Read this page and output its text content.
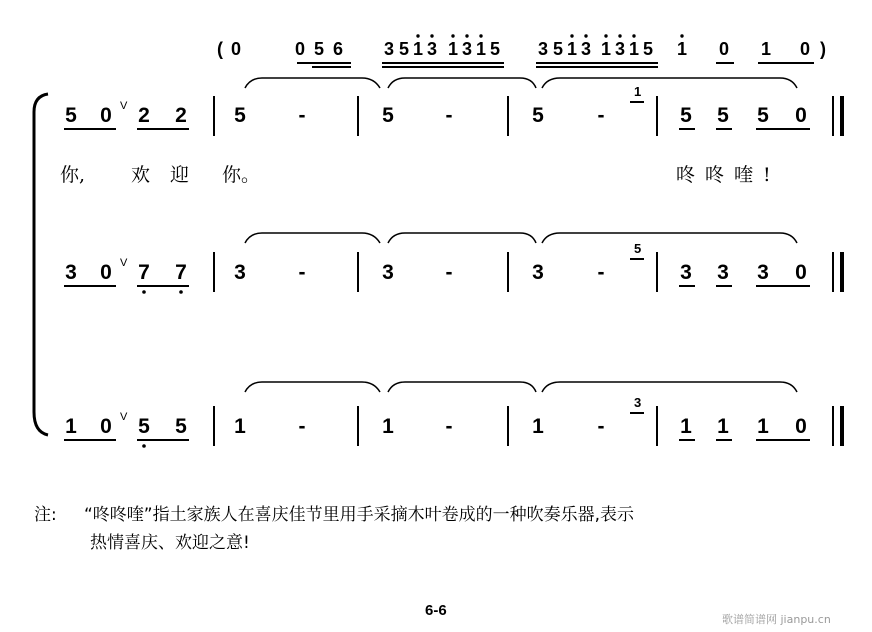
( 0	0 5 6 3 5 1 3 1 3 1 5 3 5 1 3 1 3 1 5 1 0 1 0 )
5 0 V 2 2 5	-	5 -	5	-
1
5 5 5 0
你, 欢 迎 你。	咚咚喹!
3 0 V 7 7 3	-	3 -	3	-
5
3 3 3 0
1 0 V 5 5 1	-	1 -	1	-
3
1 1 1 0
注: “咚咚喹”指土家族人在喜庆佳节里用手采摘木叶卷成的一种吹奏乐器,表示
热情喜庆、欢迎之意!
6-6
歌谱简谱网 jianpu.cn
